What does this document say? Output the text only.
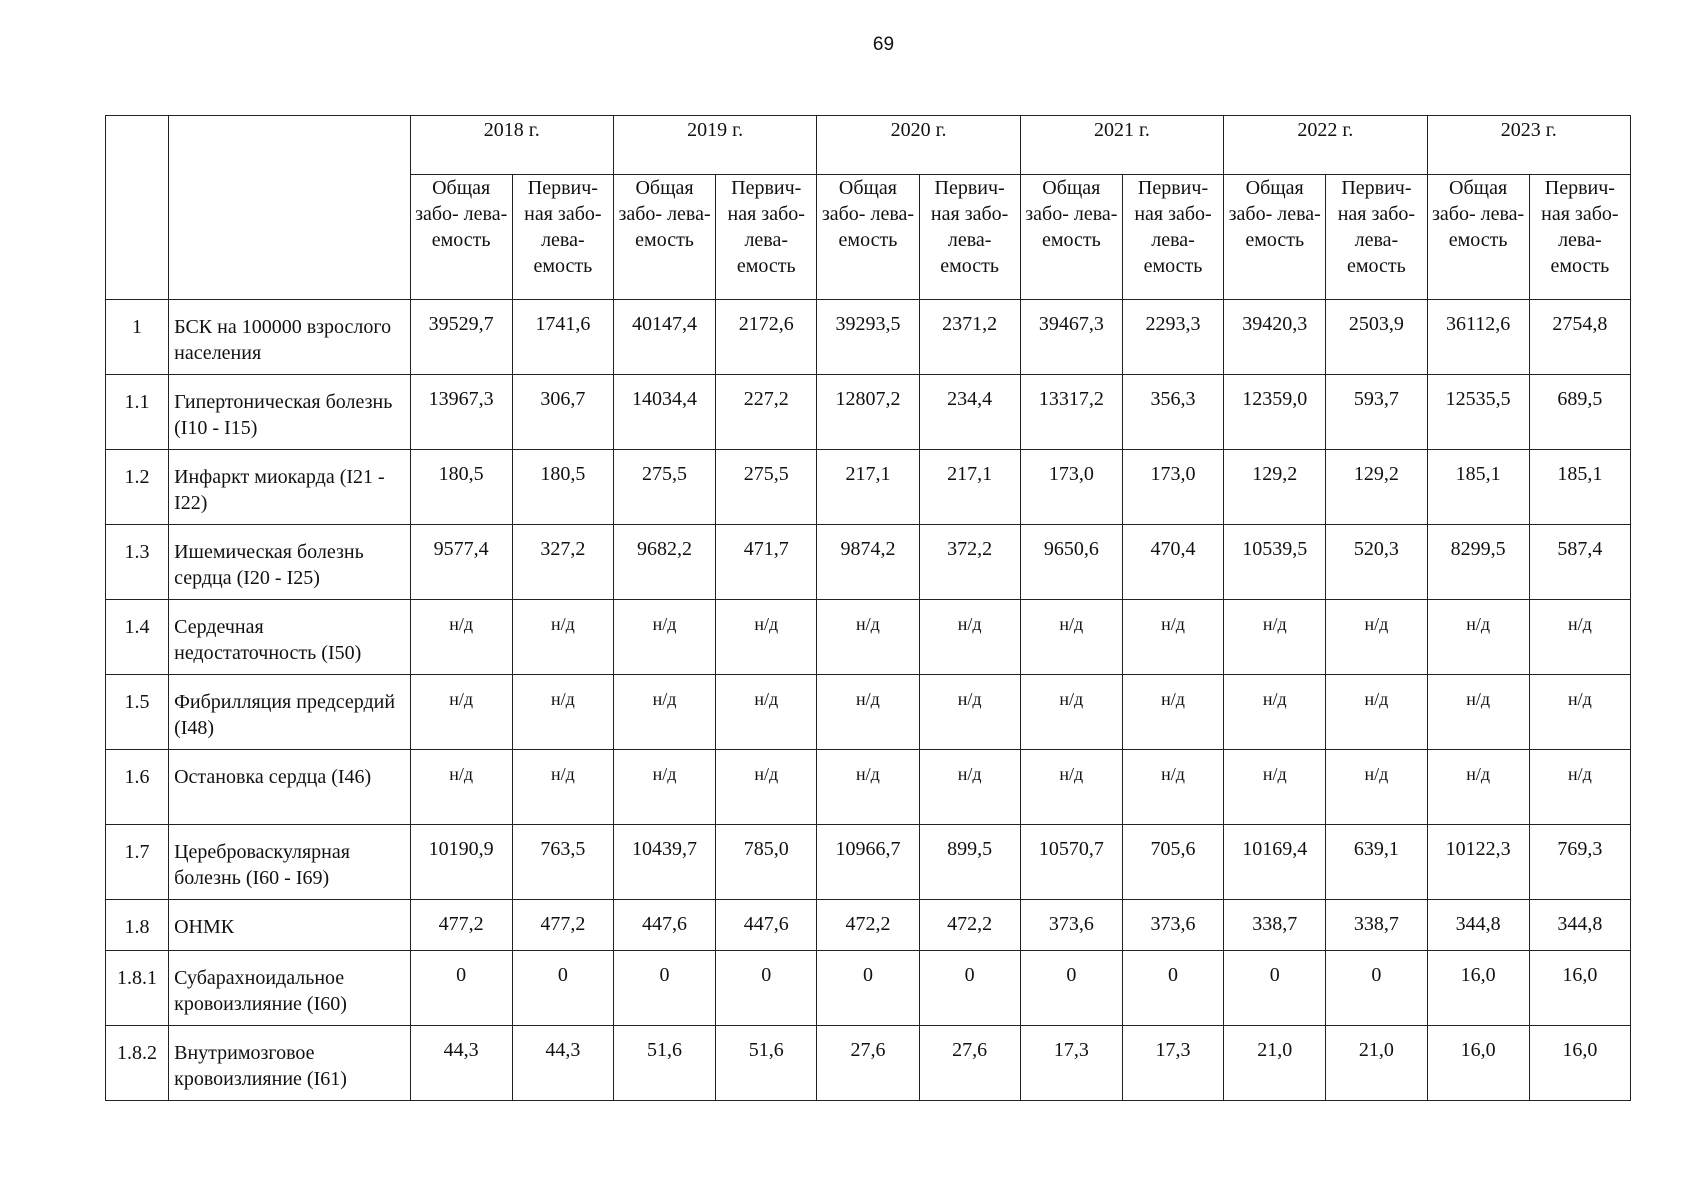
69
		2018 г.		2019 г.		2020 г.		2021 г.		2022 г.		2023 г.	
		Общая забо- лева- емость	Первич- ная забо- лева- емость	Общая забо- лева- емость	Первич- ная забо- лева- емость	Общая забо- лева- емость	Первич- ная забо- лева- емость	Общая забо- лева- емость	Первич- ная забо- лева- емость	Общая забо- лева- емость	Первич- ная забо- лева- емость	Общая забо- лева- емость	Первич- ная забо- лева- емость
1	БСК на 100000 взрослого населения	39529,7	1741,6	40147,4	2172,6	39293,5	2371,2	39467,3	2293,3	39420,3	2503,9	36112,6	2754,8
1.1	Гипертоническая болезнь (I10 - I15)	13967,3	306,7	14034,4	227,2	12807,2	234,4	13317,2	356,3	12359,0	593,7	12535,5	689,5
1.2	Инфаркт миокарда (I21 - I22)	180,5	180,5	275,5	275,5	217,1	217,1	173,0	173,0	129,2	129,2	185,1	185,1
1.3	Ишемическая болезнь сердца (I20 - I25)	9577,4	327,2	9682,2	471,7	9874,2	372,2	9650,6	470,4	10539,5	520,3	8299,5	587,4
1.4	Сердечная недостаточность (I50)	н/д	н/д	н/д	н/д	н/д	н/д	н/д	н/д	н/д	н/д	н/д	н/д
1.5	Фибрилляция предсердий (I48)	н/д	н/д	н/д	н/д	н/д	н/д	н/д	н/д	н/д	н/д	н/д	н/д
1.6	Остановка сердца (I46)	н/д	н/д	н/д	н/д	н/д	н/д	н/д	н/д	н/д	н/д	н/д	н/д
1.7	Цереброваскулярная болезнь (I60 - I69)	10190,9	763,5	10439,7	785,0	10966,7	899,5	10570,7	705,6	10169,4	639,1	10122,3	769,3
1.8	ОНМК	477,2	477,2	447,6	447,6	472,2	472,2	373,6	373,6	338,7	338,7	344,8	344,8
1.8.1	Субарахноидальное кровоизлияние (I60)	0	0	0	0	0	0	0	0	0	0	16,0	16,0
1.8.2	Внутримозговое кровоизлияние (I61)	44,3	44,3	51,6	51,6	27,6	27,6	17,3	17,3	21,0	21,0	16,0	16,0
